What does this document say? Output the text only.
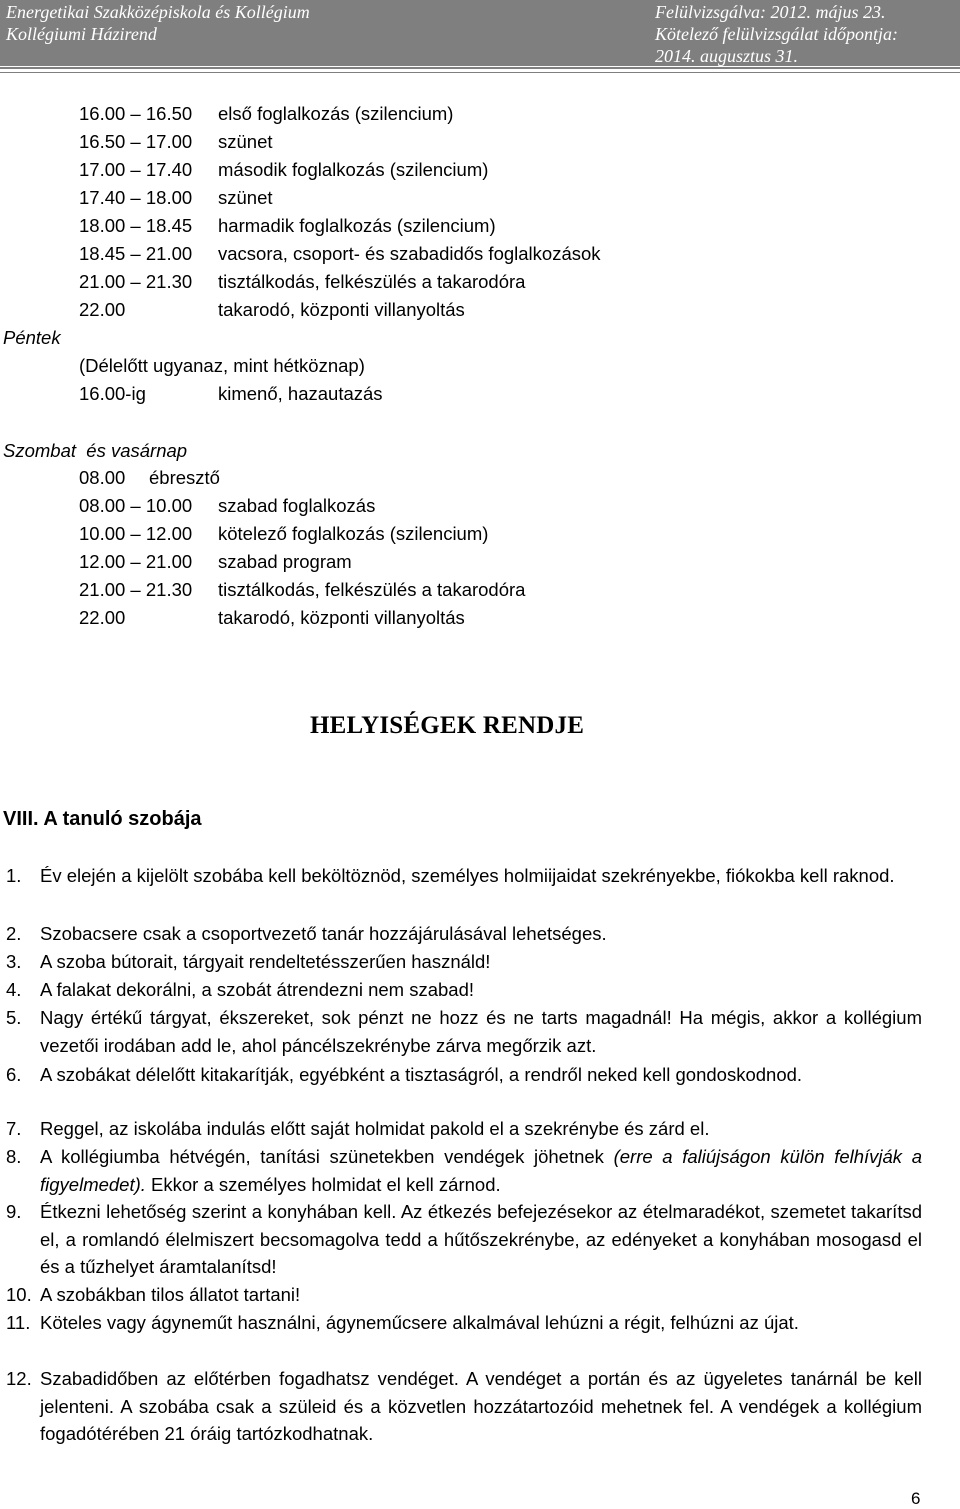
Energetikai Szakközépiskola és Kollégium
Kollégiumi Házirend
Felülvizsgálva: 2012. május 23.
Kötelező felülvizsgálat időpontja:
2014. augusztus 31.
16.00 – 16.50 első foglalkozás (szilencium)
16.50 – 17.00 szünet
17.00 – 17.40 második foglalkozás (szilencium)
17.40 – 18.00 szünet
18.00 – 18.45 harmadik foglalkozás (szilencium)
18.45 – 21.00 vacsora, csoport- és szabadidős foglalkozások
21.00 – 21.30 tisztálkodás, felkészülés a takarodóra
22.00	takarodó, központi villanyoltás
Péntek
(Délelőtt ugyanaz, mint hétköznap)
16.00-ig	kimenő, hazautazás
Szombat  és vasárnap
08.00 ébresztő
08.00 – 10.00 szabad foglalkozás
10.00 – 12.00 kötelező foglalkozás (szilencium)
12.00 – 21.00 szabad program
21.00 – 21.30 tisztálkodás, felkészülés a takarodóra
22.00	takarodó, központi villanyoltás
HELYISÉGEK RENDJE
VIII. A tanuló szobája
1. Év elején a kijelölt szobába kell beköltöznöd, személyes holmiijaidat szekrényekbe, fiókokba kell raknod.
2. Szobacsere csak a csoportvezető tanár hozzájárulásával lehetséges.
3. A szoba bútorait, tárgyait rendeltetésszerűen használd!
4. A falakat dekorálni, a szobát átrendezni nem szabad!
5. Nagy értékű tárgyat, ékszereket, sok pénzt ne hozz és ne tarts magadnál! Ha mégis, akkor a kollégium vezetői irodában add le, ahol páncélszekrénybe zárva megőrzik azt.
6. A szobákat délelőtt kitakarítják, egyébként a tisztaságról, a rendről neked kell gondoskodnod.
7. Reggel, az iskolába indulás előtt saját holmidat pakold el a szekrénybe és zárd el.
8. A kollégiumba hétvégén, tanítási szünetekben vendégek jöhetnek (erre a faliújságon külön felhívják a figyelmedet). Ekkor a személyes holmidat el kell zárnod.
9. Étkezni lehetőség szerint a konyhában kell. Az étkezés befejezésekor az ételmaradékot, szemetet takarítsd el, a romlandó élelmiszert becsomagolva tedd a hűtőszekrénybe, az edényeket a konyhában mosogasd el és a tűzhelyet áramtalanítsd!
10. A szobákban tilos állatot tartani!
11. Köteles vagy ágyneműt használni, ágyneműcsere alkalmával lehúzni a régit, felhúzni az újat.
12. Szabadidőben az előtérben fogadhatsz vendéget. A vendéget a portán és az ügyeletes tanárnál be kell jelenteni. A szobába csak a szüleid és a közvetlen hozzátartozóid mehetnek fel. A vendégek a kollégium fogadótérében 21 óráig tartózkodhatnak.
6
